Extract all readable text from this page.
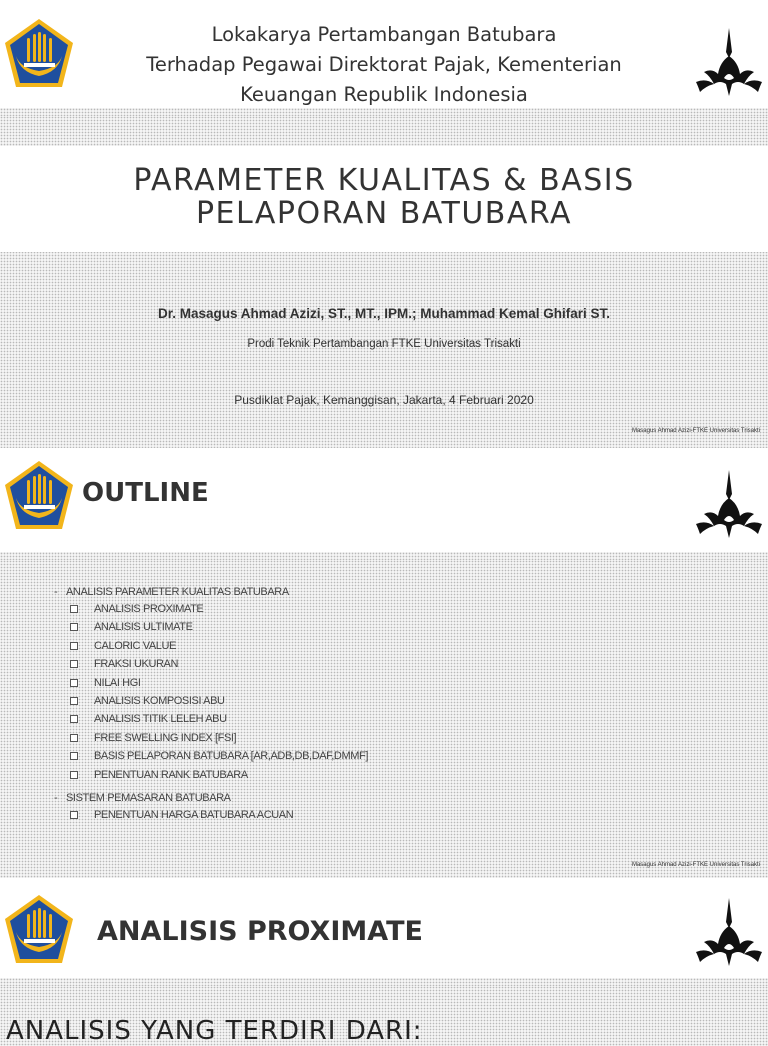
Lokakarya Pertambangan Batubara
Terhadap Pegawai Direktorat Pajak, Kementerian
Keuangan Republik Indonesia
PARAMETER KUALITAS & BASIS
PELAPORAN BATUBARA
Dr. Masagus Ahmad Azizi, ST., MT., IPM.; Muhammad Kemal Ghifari ST.
Prodi Teknik Pertambangan FTKE Universitas Trisakti
Pusdiklat Pajak, Kemanggisan, Jakarta, 4 Februari 2020
Masagus Ahmad Azizi-FTKE Universitas Trisakti
OUTLINE
- ANALISIS PARAMETER KUALITAS BATUBARA
ANALISIS PROXIMATE
ANALISIS ULTIMATE
CALORIC VALUE
FRAKSI UKURAN
NILAI HGI
ANALISIS KOMPOSISI ABU
ANALISIS TITIK LELEH ABU
FREE SWELLING INDEX [FSI]
BASIS PELAPORAN BATUBARA [AR,ADB,DB,DAF,DMMF]
PENENTUAN RANK BATUBARA
- SISTEM PEMASARAN BATUBARA
PENENTUAN HARGA BATUBARA ACUAN
Masagus Ahmad Azizi-FTKE Universitas Trisakti
ANALISIS PROXIMATE
ANALISIS YANG TERDIRI DARI:
